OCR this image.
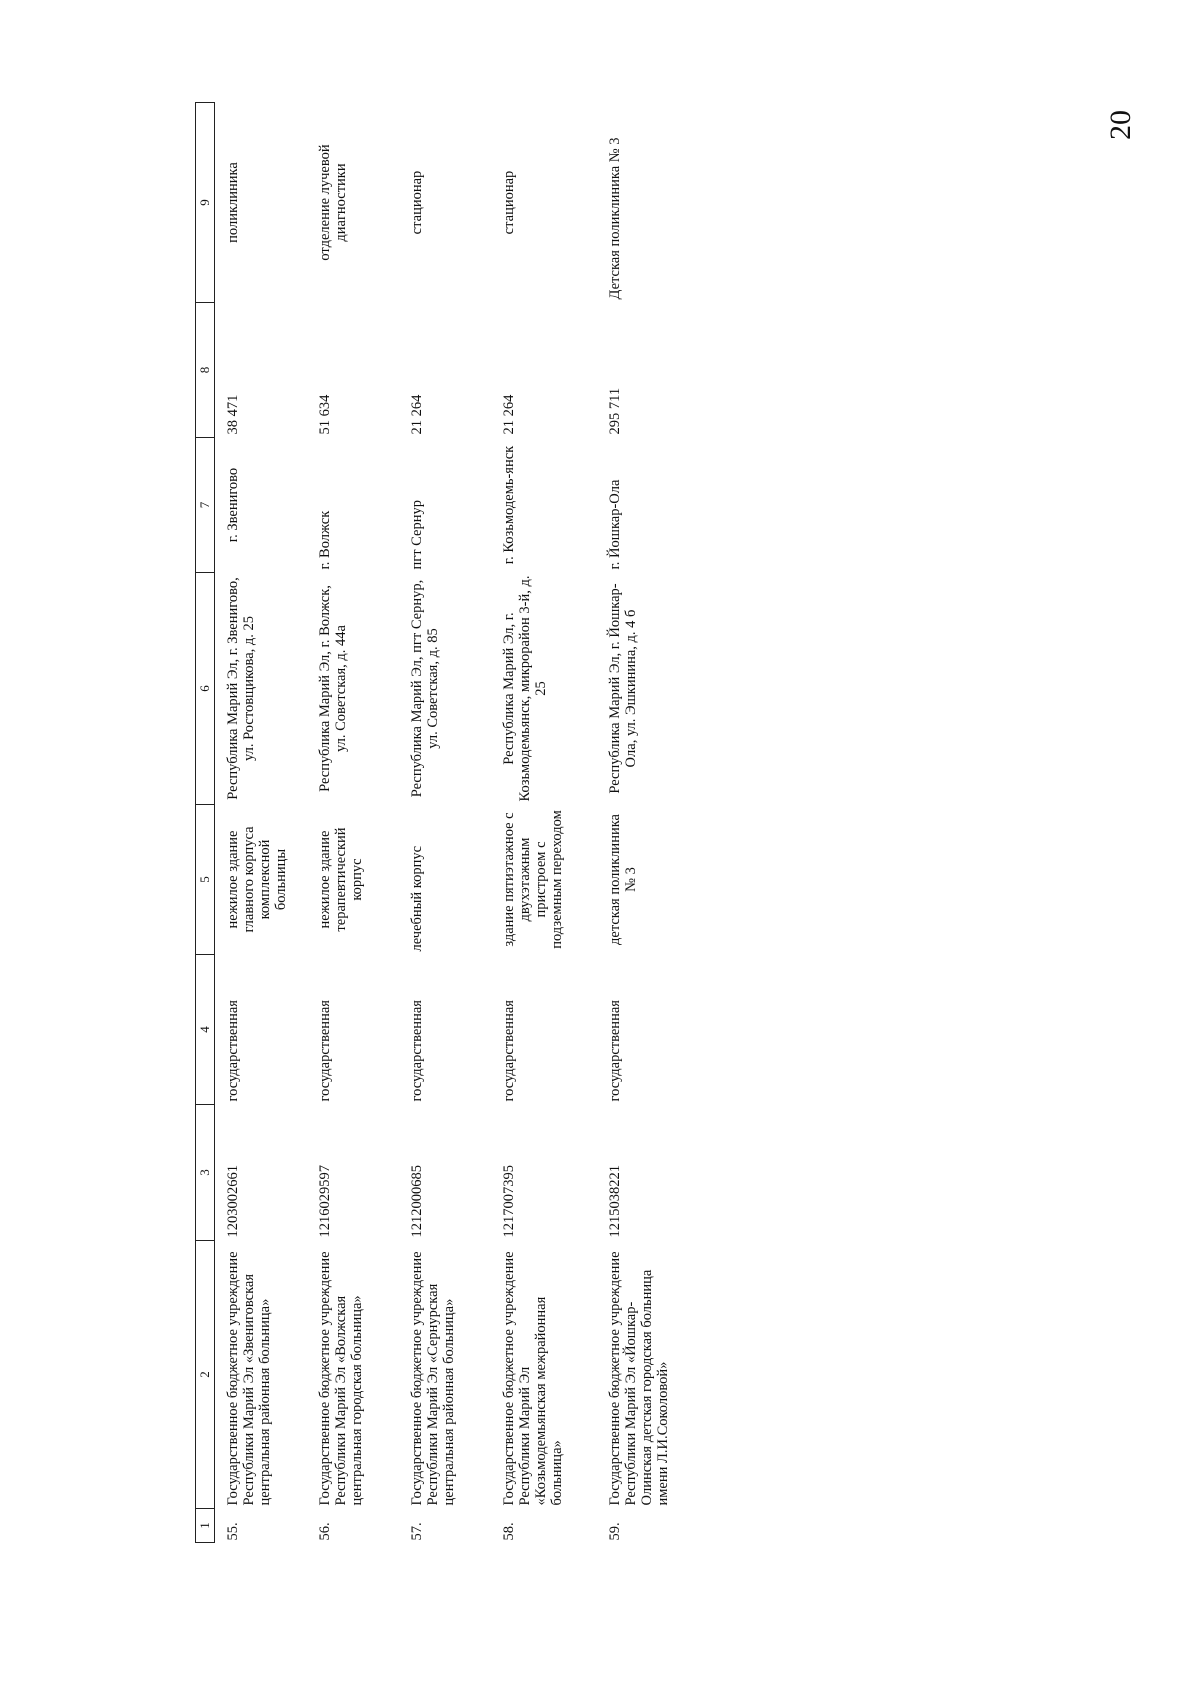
20
1	2	3	4	5	6	7	8	9
55.	Государственное бюджетное учреждение Республики Марий Эл «Звениговская центральная районная больница»	1203002661	государственная	нежилое здание главного корпуса комплексной больницы	Республика Марий Эл, г. Звенигово, ул. Ростовщикова, д. 25	г. Звенигово	38 471	поликлиника
56.	Государственное бюджетное учреждение Республики Марий Эл «Волжская центральная городская больница»	1216029597	государственная	нежилое здание терапевтический корпус	Республика Марий Эл, г. Волжск, ул. Советская, д. 44а	г. Волжск	51 634	отделение лучевой диагностики
57.	Государственное бюджетное учреждение Республики Марий Эл «Сернурская центральная районная больница»	1212000685	государственная	лечебный корпус	Республика Марий Эл, пгт Сернур, ул. Советская, д. 85	пгт Сернур	21 264	стационар
58.	Государственное бюджетное учреждение Республики Марий Эл «Козьмодемьянская межрайонная больница»	1217007395	государственная	здание пятиэтажное с двухэтажным пристроем с подземным переходом	Республика Марий Эл, г. Козьмодемьянск, микрорайон 3-й, д. 25	г. Козьмодемь-янск	21 264	стационар
59.	Государственное бюджетное учреждение Республики Марий Эл «Йошкар-Олинская детская городская больница имени Л.И.Соколовой»	1215038221	государственная	детская поликлиника № 3	Республика Марий Эл, г. Йошкар-Ола, ул. Эшкинина, д. 4 б	г. Йошкар-Ола	295 711	Детская поликлиника № 3
